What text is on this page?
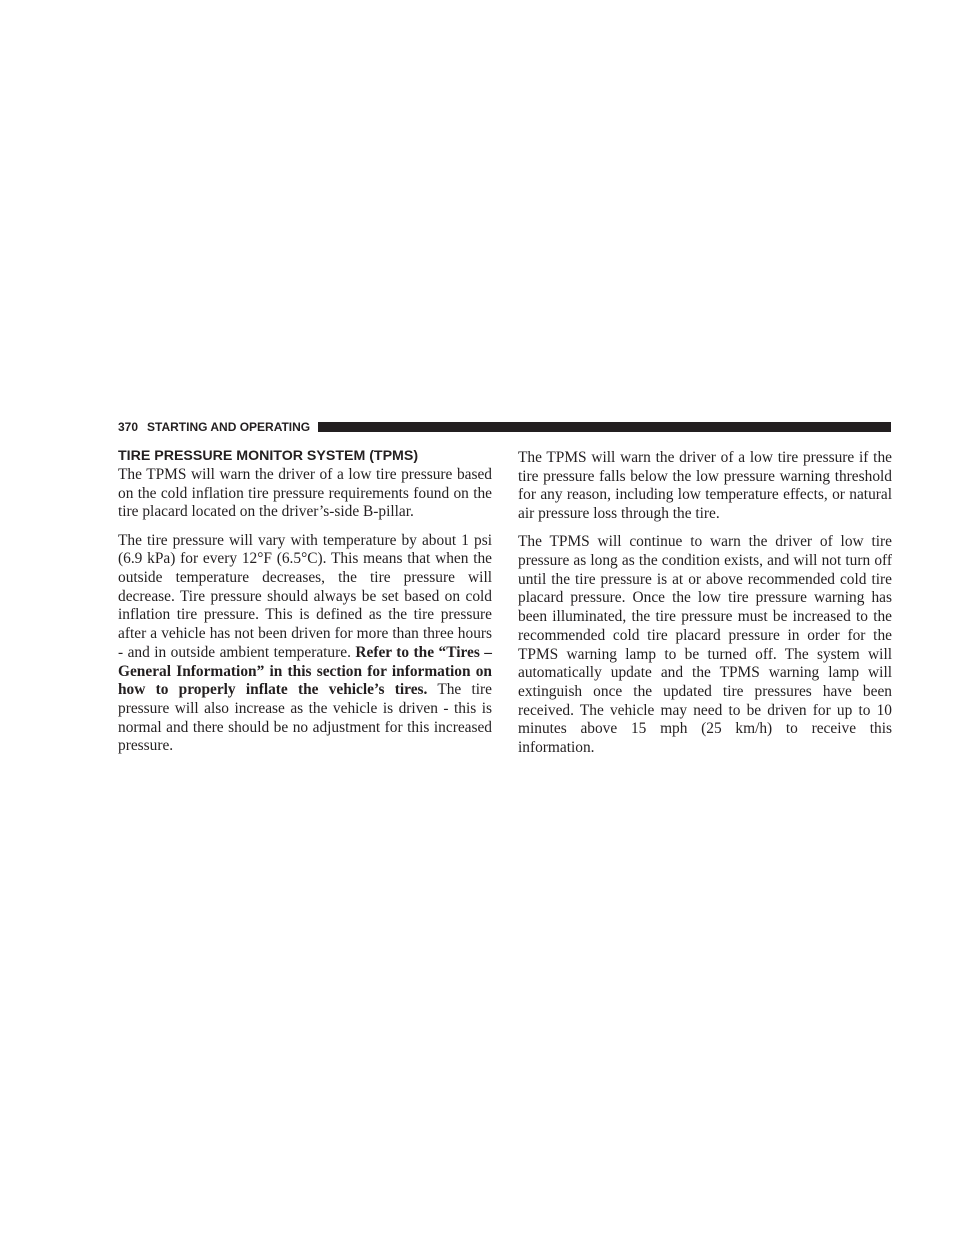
370 STARTING AND OPERATING
TIRE PRESSURE MONITOR SYSTEM (TPMS)

The TPMS will warn the driver of a low tire pressure based on the cold inflation tire pressure requirements found on the tire placard located on the driver’s-side B-pillar.

The tire pressure will vary with temperature by about 1 psi (6.9 kPa) for every 12°F (6.5°C). This means that when the outside temperature decreases, the tire pressure will decrease. Tire pressure should always be set based on cold inflation tire pressure. This is defined as the tire pressure after a vehicle has not been driven for more than three hours - and in outside ambient temperature. Refer to the “Tires – General Information” in this section for information on how to properly inflate the vehicle’s tires. The tire pressure will also increase as the vehicle is driven - this is normal and there should be no adjustment for this increased pressure.

The TPMS will warn the driver of a low tire pressure if the tire pressure falls below the low pressure warning threshold for any reason, including low temperature effects, or natural air pressure loss through the tire.

The TPMS will continue to warn the driver of low tire pressure as long as the condition exists, and will not turn off until the tire pressure is at or above recommended cold tire placard pressure. Once the low tire pressure warning has been illuminated, the tire pressure must be increased to the recommended cold tire placard pressure in order for the TPMS warning lamp to be turned off. The system will automatically update and the TPMS warning lamp will extinguish once the updated tire pressures have been received. The vehicle may need to be driven for up to 10 minutes above 15 mph (25 km/h) to receive this information.
